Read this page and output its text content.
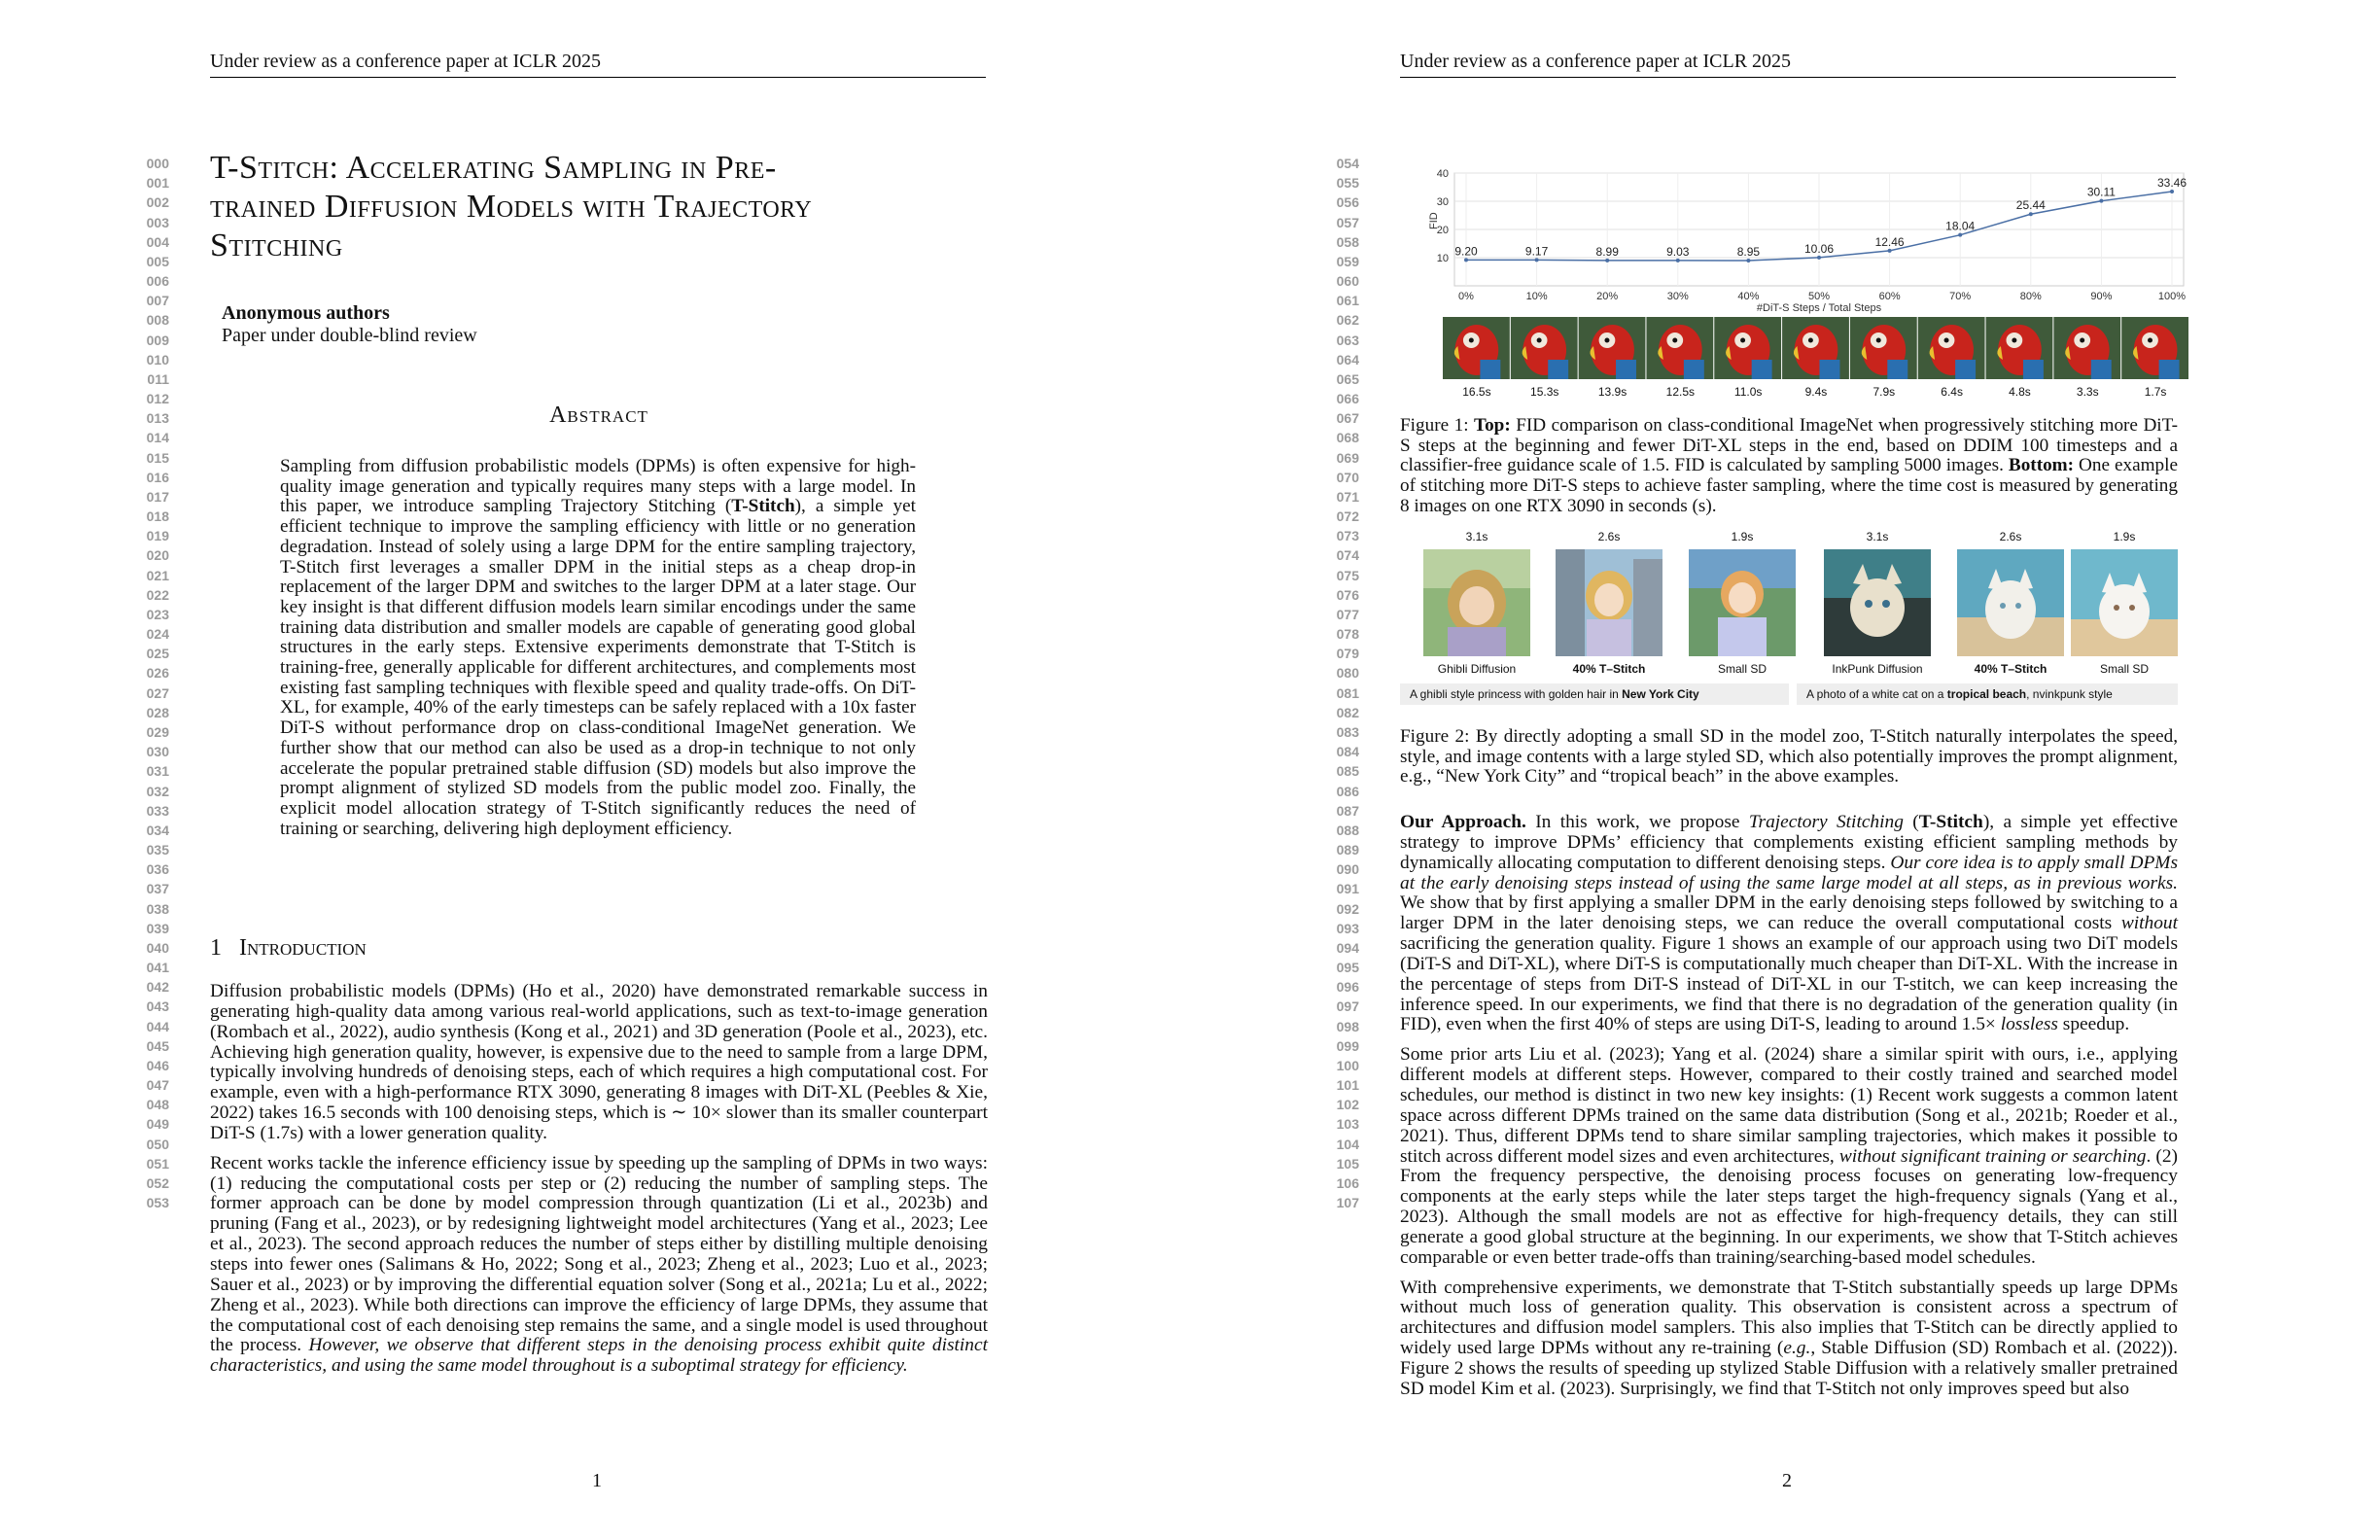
Under review as a conference paper at ICLR 2025
000
001
002
003
004
005
006
007
008
009
010
011
012
013
014
015
016
017
018
019
020
021
022
023
024
025
026
027
028
029
030
031
032
033
034
035
036
037
038
039
040
041
042
043
044
045
046
047
048
049
050
051
052
053
T-Stitch: Accelerating Sampling in Pre-
trained Diffusion Models with Trajectory
Stitching
Anonymous authors
Paper under double-blind review
Abstract
Sampling from diffusion probabilistic models (DPMs) is often expensive for high-quality image generation and typically requires many steps with a large model. In this paper, we introduce sampling Trajectory Stitching (T-Stitch), a simple yet efficient technique to improve the sampling efficiency with little or no generation degradation. Instead of solely using a large DPM for the entire sampling trajectory, T-Stitch first leverages a smaller DPM in the initial steps as a cheap drop-in replacement of the larger DPM and switches to the larger DPM at a later stage. Our key insight is that different diffusion models learn similar encodings under the same training data distribution and smaller models are capable of generating good global structures in the early steps. Extensive experiments demonstrate that T-Stitch is training-free, generally applicable for different architectures, and complements most existing fast sampling techniques with flexible speed and quality trade-offs. On DiT-XL, for example, 40% of the early timesteps can be safely replaced with a 10x faster DiT-S without performance drop on class-conditional ImageNet generation. We further show that our method can also be used as a drop-in technique to not only accelerate the popular pretrained stable diffusion (SD) models but also improve the prompt alignment of stylized SD models from the public model zoo. Finally, the explicit model allocation strategy of T-Stitch significantly reduces the need of training or searching, delivering high deployment efficiency.
1 Introduction

Diffusion probabilistic models (DPMs) (Ho et al., 2020) have demonstrated remarkable success in generating high-quality data among various real-world applications, such as text-to-image generation (Rombach et al., 2022), audio synthesis (Kong et al., 2021) and 3D generation (Poole et al., 2023), etc. Achieving high generation quality, however, is expensive due to the need to sample from a large DPM, typically involving hundreds of denoising steps, each of which requires a high computational cost. For example, even with a high-performance RTX 3090, generating 8 images with DiT-XL (Peebles & Xie, 2022) takes 16.5 seconds with 100 denoising steps, which is ∼ 10× slower than its smaller counterpart DiT-S (1.7s) with a lower generation quality.

Recent works tackle the inference efficiency issue by speeding up the sampling of DPMs in two ways: (1) reducing the computational costs per step or (2) reducing the number of sampling steps. The former approach can be done by model compression through quantization (Li et al., 2023b) and pruning (Fang et al., 2023), or by redesigning lightweight model architectures (Yang et al., 2023; Lee et al., 2023). The second approach reduces the number of steps either by distilling multiple denoising steps into fewer ones (Salimans & Ho, 2022; Song et al., 2023; Zheng et al., 2023; Luo et al., 2023; Sauer et al., 2023) or by improving the differential equation solver (Song et al., 2021a; Lu et al., 2022; Zheng et al., 2023). While both directions can improve the efficiency of large DPMs, they assume that the computational cost of each denoising step remains the same, and a single model is used throughout the process. However, we observe that different steps in the denoising process exhibit quite distinct characteristics, and using the same model throughout is a suboptimal strategy for efficiency.

1
Under review as a conference paper at ICLR 2025
054
055
056
057
058
059
060
061
062
063
064
065
066
067
068
069
070
071
072
073
074
075
076
077
078
079
080
081
082
083
084
085
086
087
088
089
090
091
092
093
094
095
096
097
098
099
100
101
102
103
104
105
106
107
10
20
30
40
0%	10%	20%	30%	40%	50%	60%	70%	80%	90%	100%
#DiT-S Steps / Total Steps
FID
9.20	9.17	8.99	9.03	8.95	10.06	12.46
18.04
25.44
30.11
33.46
16.5s	15.3s	13.9s	12.5s	11.0s	9.4s	7.9s	6.4s	4.8s	3.3s	1.7s
Figure 1: Top: FID comparison on class-conditional ImageNet when progressively stitching more DiT-S steps at the beginning and fewer DiT-XL steps in the end, based on DDIM 100 timesteps and a classifier-free guidance scale of 1.5. FID is calculated by sampling 5000 images. Bottom: One example of stitching more DiT-S steps to achieve faster sampling, where the time cost is measured by generating 8 images on one RTX 3090 in seconds (s).
3.1s	2.6s	1.9s
Ghibli Diffusion	40% T–Stitch	Small SD
A ghibli style princess with golden hair in New York City
3.1s	2.6s	1.9s
InkPunk Diffusion	40% T–Stitch	Small SD
A photo of a white cat on a tropical beach, nvinkpunk style
Figure 2: By directly adopting a small SD in the model zoo, T-Stitch naturally interpolates the speed, style, and image contents with a large styled SD, which also potentially improves the prompt alignment, e.g., “New York City” and “tropical beach” in the above examples.

Our Approach. In this work, we propose Trajectory Stitching (T-Stitch), a simple yet effective strategy to improve DPMs’ efficiency that complements existing efficient sampling methods by dynamically allocating computation to different denoising steps. Our core idea is to apply small DPMs at the early denoising steps instead of using the same large model at all steps, as in previous works. We show that by first applying a smaller DPM in the early denoising steps followed by switching to a larger DPM in the later denoising steps, we can reduce the overall computational costs without sacrificing the generation quality. Figure 1 shows an example of our approach using two DiT models (DiT-S and DiT-XL), where DiT-S is computationally much cheaper than DiT-XL. With the increase in the percentage of steps from DiT-S instead of DiT-XL in our T-stitch, we can keep increasing the inference speed. In our experiments, we find that there is no degradation of the generation quality (in FID), even when the first 40% of steps are using DiT-S, leading to around 1.5× lossless speedup.

Some prior arts Liu et al. (2023); Yang et al. (2024) share a similar spirit with ours, i.e., applying different models at different steps. However, compared to their costly trained and searched model schedules, our method is distinct in two new key insights: (1) Recent work suggests a common latent space across different DPMs trained on the same data distribution (Song et al., 2021b; Roeder et al., 2021). Thus, different DPMs tend to share similar sampling trajectories, which makes it possible to stitch across different model sizes and even architectures, without significant training or searching. (2) From the frequency perspective, the denoising process focuses on generating low-frequency components at the early steps while the later steps target the high-frequency signals (Yang et al., 2023). Although the small models are not as effective for high-frequency details, they can still generate a good global structure at the beginning. In our experiments, we show that T-Stitch achieves comparable or even better trade-offs than training/searching-based model schedules.

With comprehensive experiments, we demonstrate that T-Stitch substantially speeds up large DPMs without much loss of generation quality. This observation is consistent across a spectrum of architectures and diffusion model samplers. This also implies that T-Stitch can be directly applied to widely used large DPMs without any re-training (e.g., Stable Diffusion (SD) Rombach et al. (2022)). Figure 2 shows the results of speeding up stylized Stable Diffusion with a relatively smaller pretrained SD model Kim et al. (2023). Surprisingly, we find that T-Stitch not only improves speed but also

2
